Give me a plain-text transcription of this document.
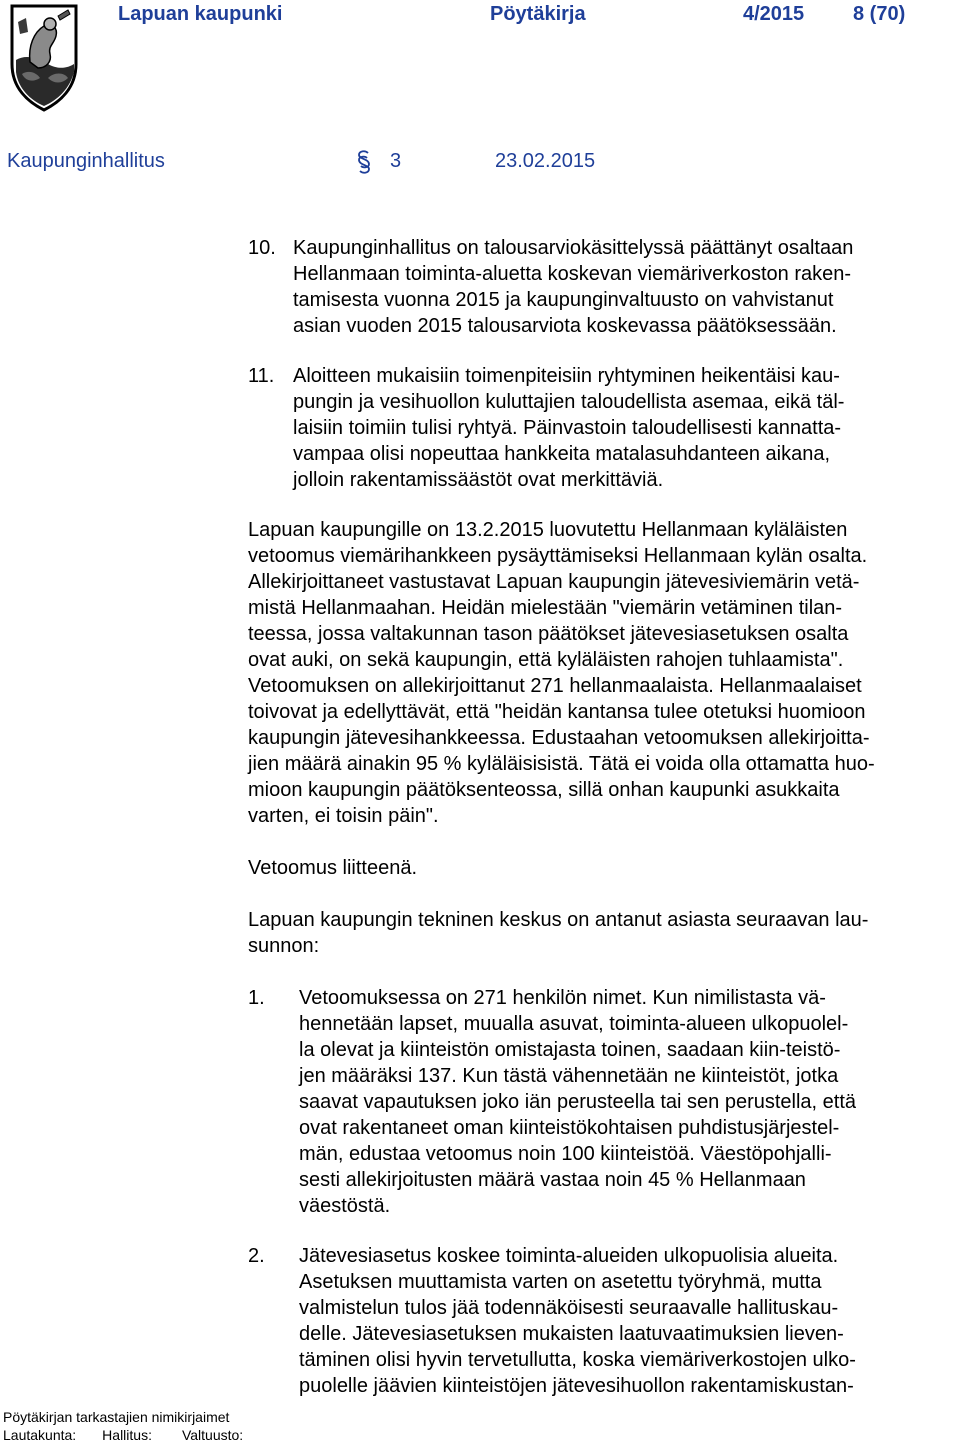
Lapuan kaupunki	Pöytäkirja	4/2015 8 (70)
Kaupunginhallitus	3	23.02.2015
10. Kaupunginhallitus on talousarviokäsittelyssä päättänyt osaltaan
Hellanmaan toiminta-aluetta koskevan viemäriverkoston raken-
tamisesta vuonna 2015 ja kaupunginvaltuusto on vahvistanut
asian vuoden 2015 talousarviota koskevassa päätöksessään.
11. Aloitteen mukaisiin toimenpiteisiin ryhtyminen heikentäisi kau-
pungin ja vesihuollon kuluttajien taloudellista asemaa, eikä täl-
laisiin toimiin tulisi ryhtyä. Päinvastoin taloudellisesti kannatta-
vampaa olisi nopeuttaa hankkeita matalasuhdanteen aikana,
jolloin rakentamissäästöt ovat merkittäviä.
Lapuan kaupungille on 13.2.2015 luovutettu Hellanmaan kyläläisten
vetoomus viemärihankkeen pysäyttämiseksi Hellanmaan kylän osalta.
Allekirjoittaneet vastustavat Lapuan kaupungin jätevesiviemärin vetä-
mistä Hellanmaahan. Heidän mielestään "viemärin vetäminen tilan-
teessa, jossa valtakunnan tason päätökset jätevesiasetuksen osalta
ovat auki, on sekä kaupungin, että kyläläisten rahojen tuhlaamista".
Vetoomuksen on allekirjoittanut 271 hellanmaalaista. Hellanmaalaiset
toivovat ja edellyttävät, että "heidän kantansa tulee otetuksi huomioon
kaupungin jätevesihankkeessa. Edustaahan vetoomuksen allekirjoitta-
jien määrä ainakin 95 % kyläläisisistä. Tätä ei voida olla ottamatta huo-
mioon kaupungin päätöksenteossa, sillä onhan kaupunki asukkaita
varten, ei toisin päin".
Vetoomus liitteenä.
Lapuan kaupungin tekninen keskus on antanut asiasta seuraavan lau-
sunnon:
1. Vetoomuksessa on 271 henkilön nimet. Kun nimilistasta vä-
hennetään lapset, muualla asuvat, toiminta-alueen ulkopuolel-
la olevat ja kiinteistön omistajasta toinen, saadaan kiin-teistö-
jen määräksi 137. Kun tästä vähennetään ne kiinteistöt, jotka
saavat vapautuksen joko iän perusteella tai sen perustella, että
ovat rakentaneet oman kiinteistökohtaisen puhdistusjärjestel-
män, edustaa vetoomus noin 100 kiinteistöä. Väestöpohjalli-
sesti allekirjoitusten määrä vastaa noin 45 % Hellanmaan
väestöstä.
2. Jätevesiasetus koskee toiminta-alueiden ulkopuolisia alueita.
Asetuksen muuttamista varten on asetettu työryhmä, mutta
valmistelun tulos jää todennäköisesti seuraavalle hallituskau-
delle. Jätevesiasetuksen mukaisten laatuvaatimuksien lieven-
täminen olisi hyvin tervetullutta, koska viemäriverkostojen ulko-
puolelle jäävien kiinteistöjen jätevesihuollon rakentamiskustan-
Pöytäkirjan tarkastajien nimikirjaimet
Lautakunta: Hallitus: Valtuusto:
